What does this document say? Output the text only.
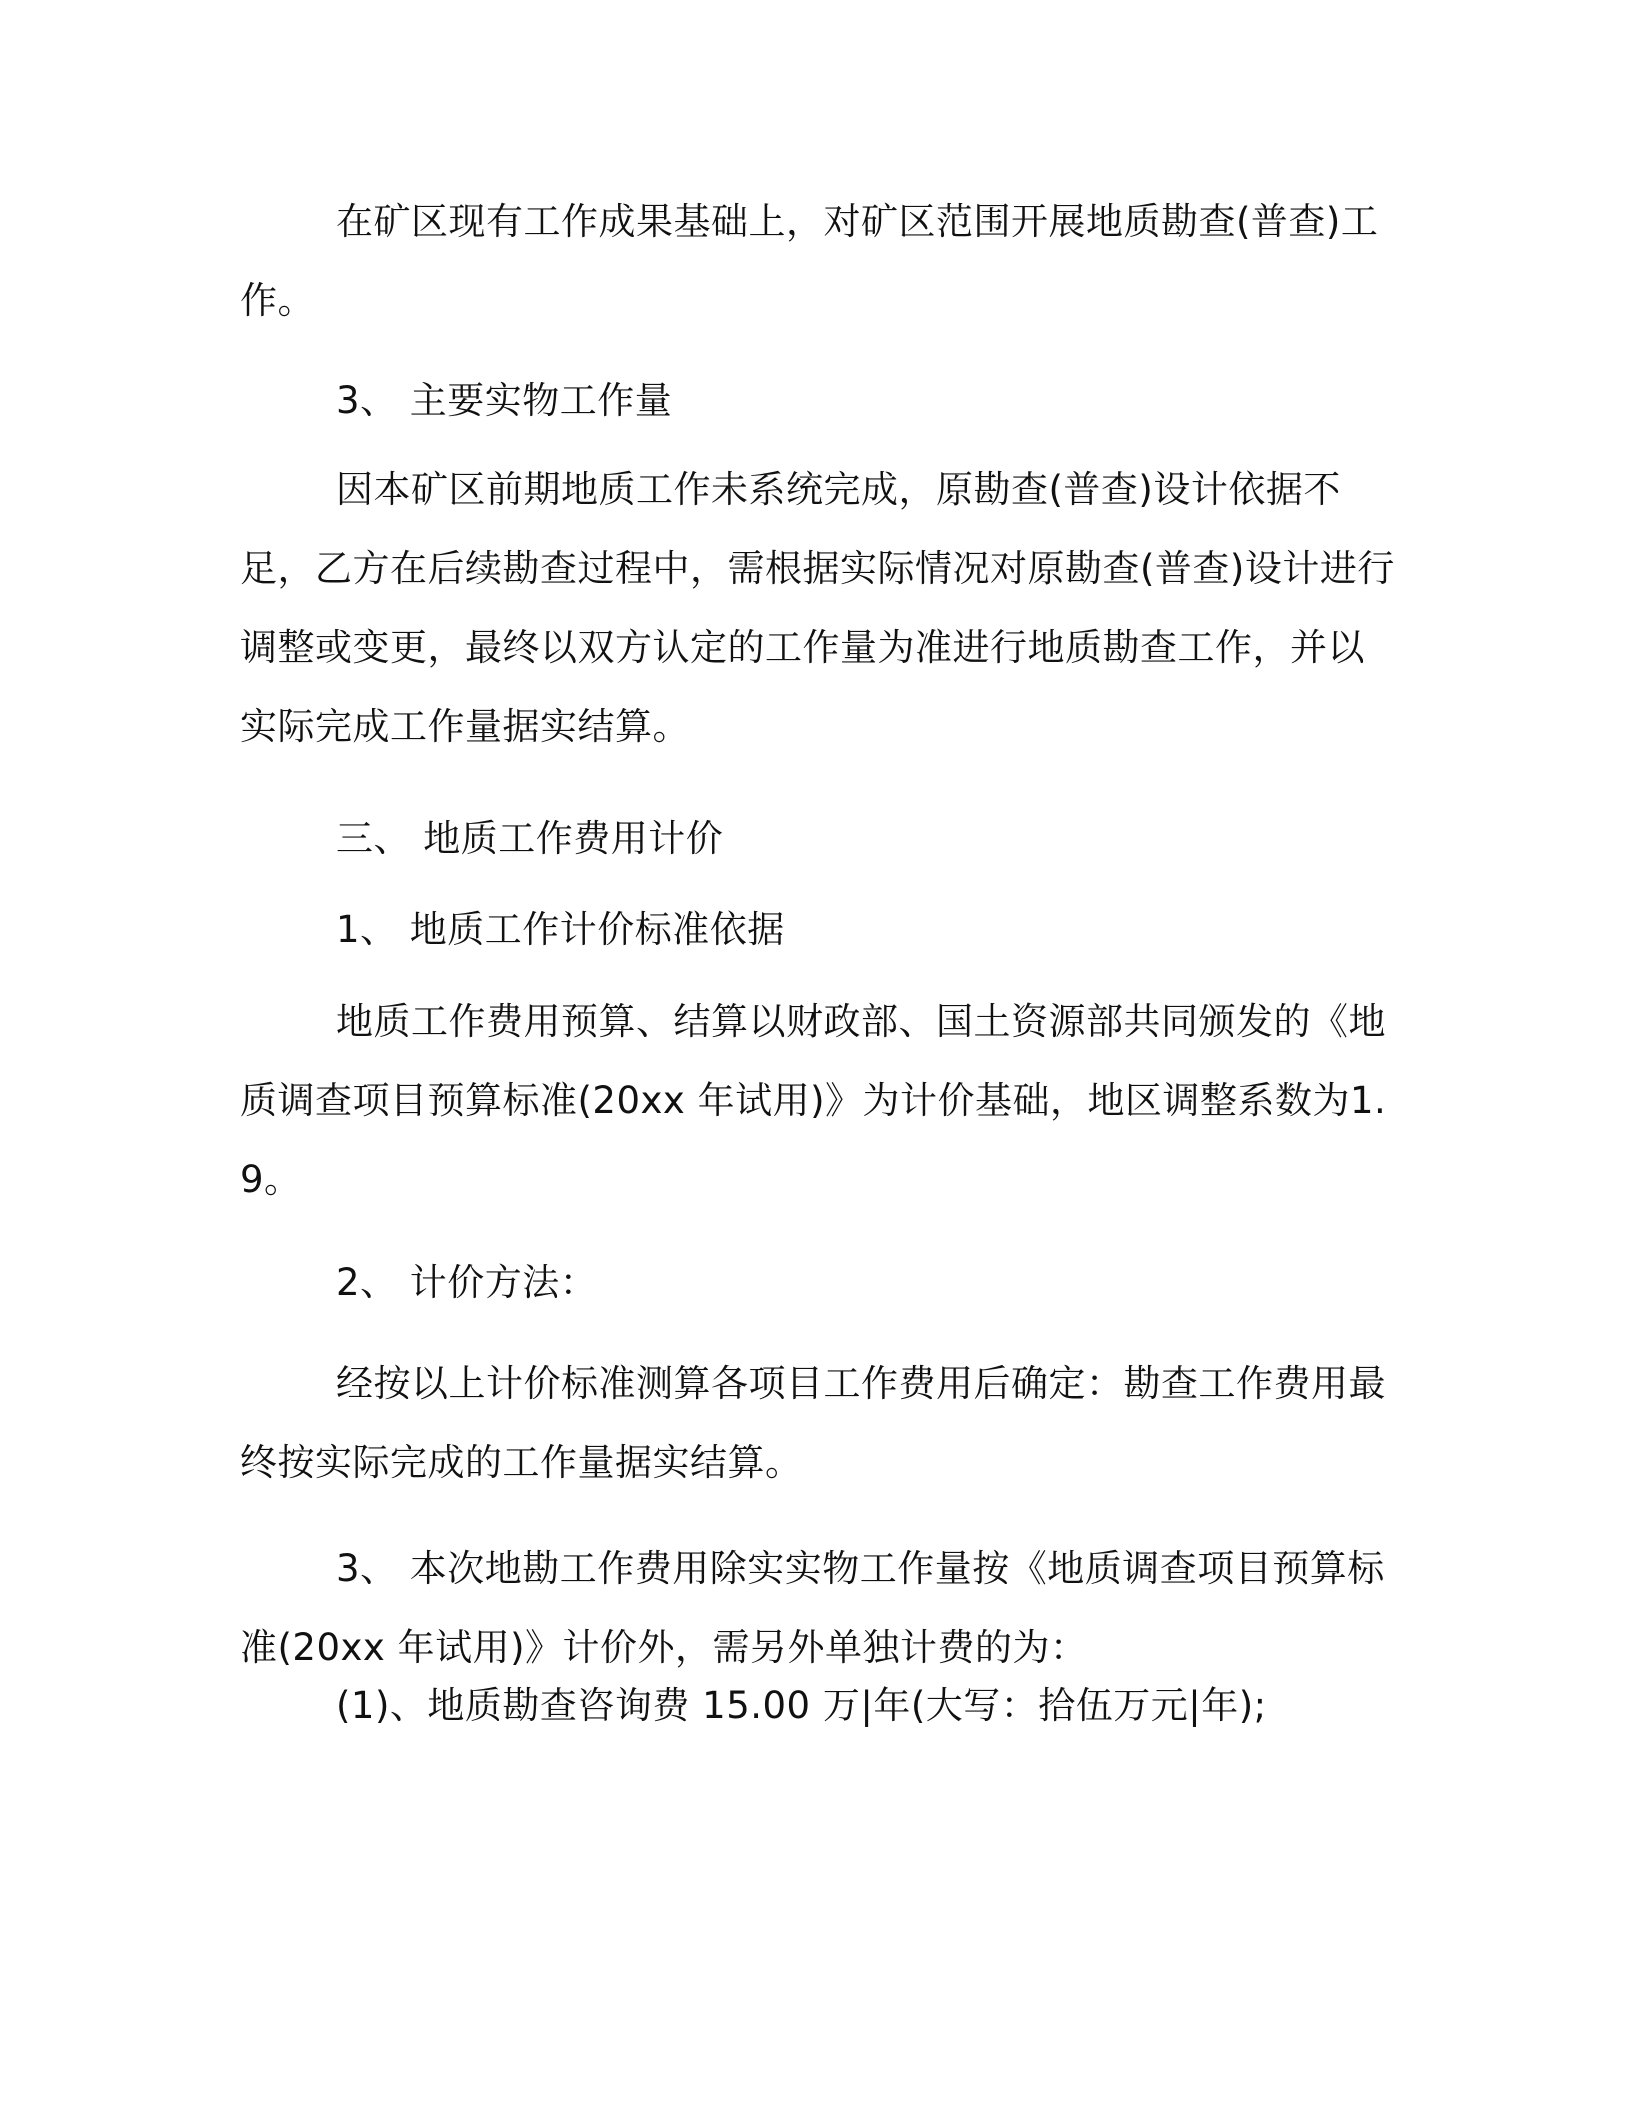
在矿区现有工作成果基础上，对矿区范围开展地质勘查(普查)工作。

3、 主要实物工作量

因本矿区前期地质工作未系统完成，原勘查(普查)设计依据不足，乙方在后续勘查过程中，需根据实际情况对原勘查(普查)设计进行调整或变更，最终以双方认定的工作量为准进行地质勘查工作，并以实际完成工作量据实结算。

三、 地质工作费用计价

1、 地质工作计价标准依据

地质工作费用预算、结算以财政部、国土资源部共同颁发的《地质调查项目预算标准(20xx 年试用)》为计价基础，地区调整系数为1.9。

2、 计价方法：

经按以上计价标准测算各项目工作费用后确定：勘查工作费用最终按实际完成的工作量据实结算。

3、 本次地勘工作费用除实实物工作量按《地质调查项目预算标准(20xx 年试用)》计价外，需另外单独计费的为：

(1)、地质勘查咨询费 15.00 万|年(大写：拾伍万元|年);
